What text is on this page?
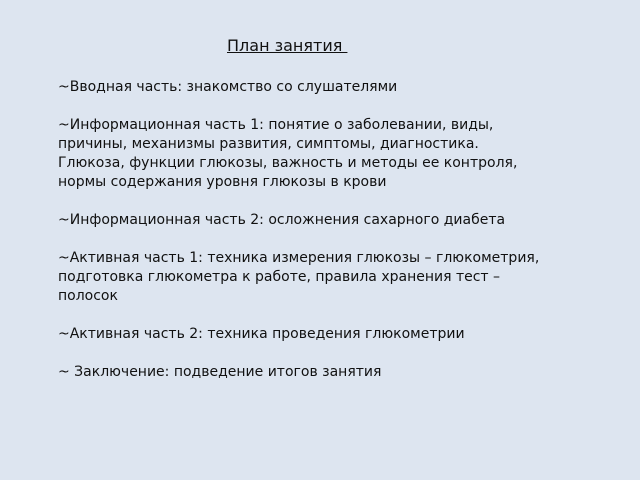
План занятия
~Вводная часть: знакомство со слушателями
~Информационная часть 1: понятие о заболевании, виды,
причины, механизмы развития, симптомы, диагностика.
Глюкоза, функции глюкозы, важность и методы ее контроля,
нормы содержания уровня глюкозы в крови
~Информационная часть 2: осложнения сахарного диабета
~Активная часть 1: техника измерения глюкозы – глюкометрия,
подготовка глюкометра к работе, правила хранения тест –
полосок
~Активная часть 2: техника проведения глюкометрии
~ Заключение: подведение итогов занятия
